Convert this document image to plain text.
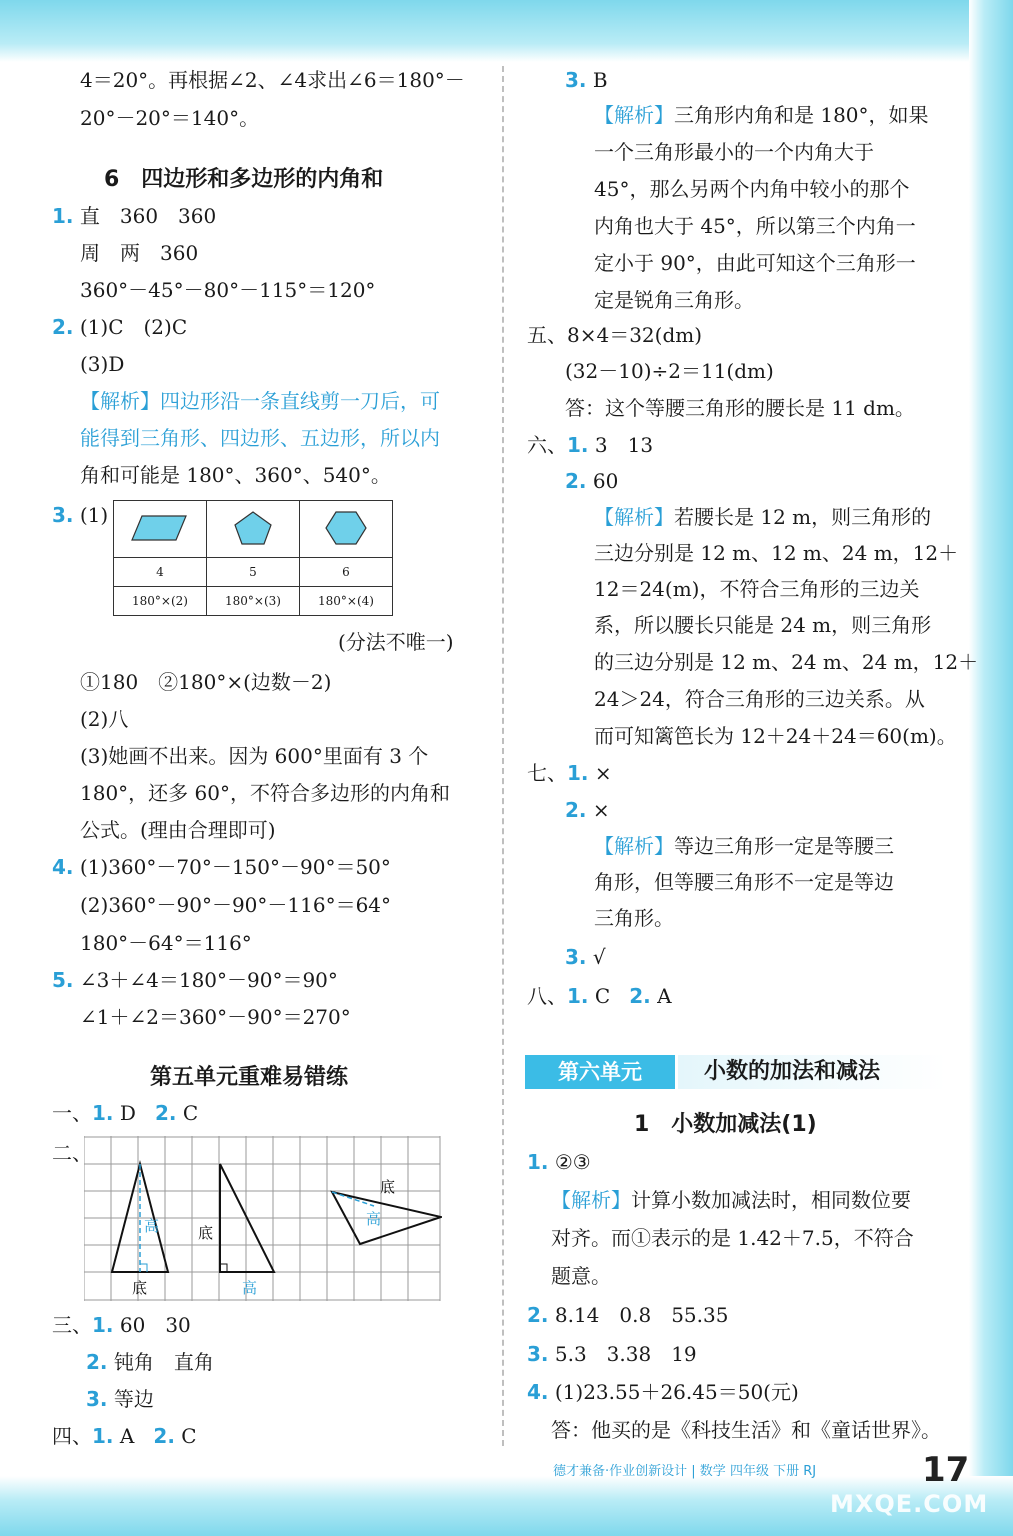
4＝20°。再根据∠2、∠4求出∠6＝180°－
20°－20°＝140°。
6　四边形和多边形的内角和
1. 直　360　360
周　两　360
360°－45°－80°－115°＝120°
2. (1)C　(2)C
(3)D
【解析】四边形沿一条直线剪一刀后，可
能得到三角形、四边形、五边形，所以内
角和可能是 180°、360°、540°。
3. (1)

4	5	6
180°×(2)	180°×(3)	180°×(4)
(分法不唯一)
①180　②180°×(边数－2)
(2)八
(3)她画不出来。因为 600°里面有 3 个
180°，还多 60°，不符合多边形的内角和
公式。(理由合理即可)
4. (1)360°－70°－150°－90°＝50°
(2)360°－90°－90°－116°＝64°
180°－64°＝116°
5. ∠3＋∠4＝180°－90°＝90°
∠1＋∠2＝360°－90°＝270°
第五单元重难易错练
一、1. D 2. C
二、
高
底
底
高
底
高
三、1. 60　30
2. 钝角　直角
3. 等边
四、1. A 2. C
3. B
【解析】三角形内角和是 180°，如果
一个三角形最小的一个内角大于
45°，那么另两个内角中较小的那个
内角也大于 45°，所以第三个内角一
定小于 90°，由此可知这个三角形一
定是锐角三角形。
五、8×4＝32(dm)
(32－10)÷2＝11(dm)
答：这个等腰三角形的腰长是 11 dm。
六、1. 3　13
2. 60
【解析】若腰长是 12 m，则三角形的
三边分别是 12 m、12 m、24 m，12＋
12＝24(m)，不符合三角形的三边关
系，所以腰长只能是 24 m，则三角形
的三边分别是 12 m、24 m、24 m，12＋
24＞24，符合三角形的三边关系。从
而可知篱笆长为 12＋24＋24＝60(m)。
七、1. ×
2. ×
【解析】等边三角形一定是等腰三
角形，但等腰三角形不一定是等边
三角形。
3. √
八、1. C 2. A
第六单元	小数的加法和减法
1　小数加减法(1)
1. ②③
【解析】计算小数加减法时，相同数位要
对齐。而①表示的是 1.42＋7.5，不符合
题意。
2. 8.14　0.8　55.35
3. 5.3　3.38　19
4. (1)23.55＋26.45＝50(元)
答：他买的是《科技生活》和《童话世界》。
德才兼备·作业创新设计 | 数学 四年级 下册 RJ	17
MXQE.COM
